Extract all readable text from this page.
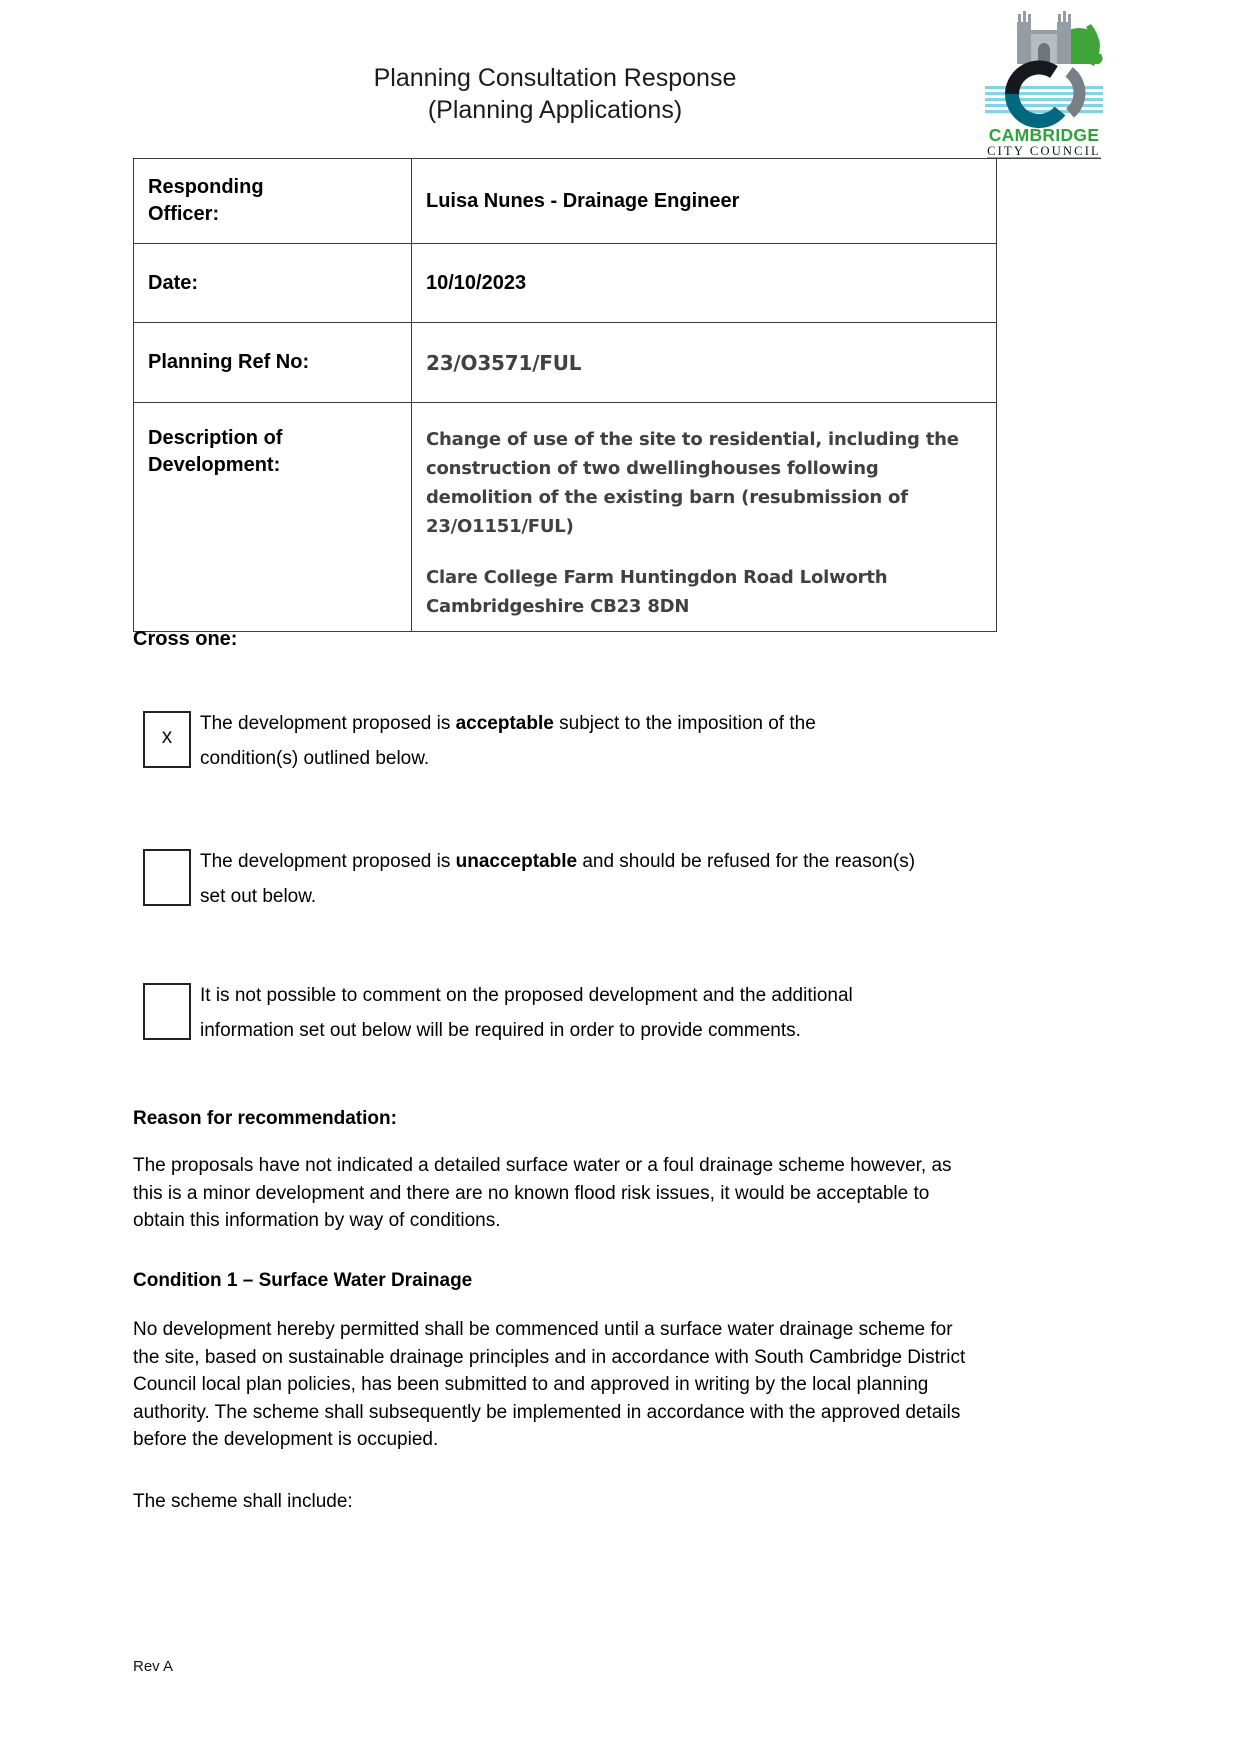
Planning Consultation Response
(Planning Applications)
CAMBRIDGE
CITY COUNCIL
Responding Officer:	Luisa Nunes - Drainage Engineer
Date:	10/10/2023
Planning Ref No:	23/O3571/FUL
Description of Development:	Change of use of the site to residential, including the construction of two dwellinghouses following demolition of the existing barn (resubmission of 23/O1151/FUL)

Clare College Farm Huntingdon Road Lolworth Cambridgeshire CB23 8DN

Cross one:
x
The development proposed is acceptable subject to the imposition of the
condition(s) outlined below.
The development proposed is unacceptable and should be refused for the reason(s)
set out below.
It is not possible to comment on the proposed development and the additional
information set out below will be required in order to provide comments.
Reason for recommendation:
The proposals have not indicated a detailed surface water or a foul drainage scheme however, as this is a minor development and there are no known flood risk issues, it would be acceptable to obtain this information by way of conditions.
Condition 1 – Surface Water Drainage
No development hereby permitted shall be commenced until a surface water drainage scheme for the site, based on sustainable drainage principles and in accordance with South Cambridge District Council local plan policies, has been submitted to and approved in writing by the local planning authority. The scheme shall subsequently be implemented in accordance with the approved details before the development is occupied.
The scheme shall include:
Rev A
